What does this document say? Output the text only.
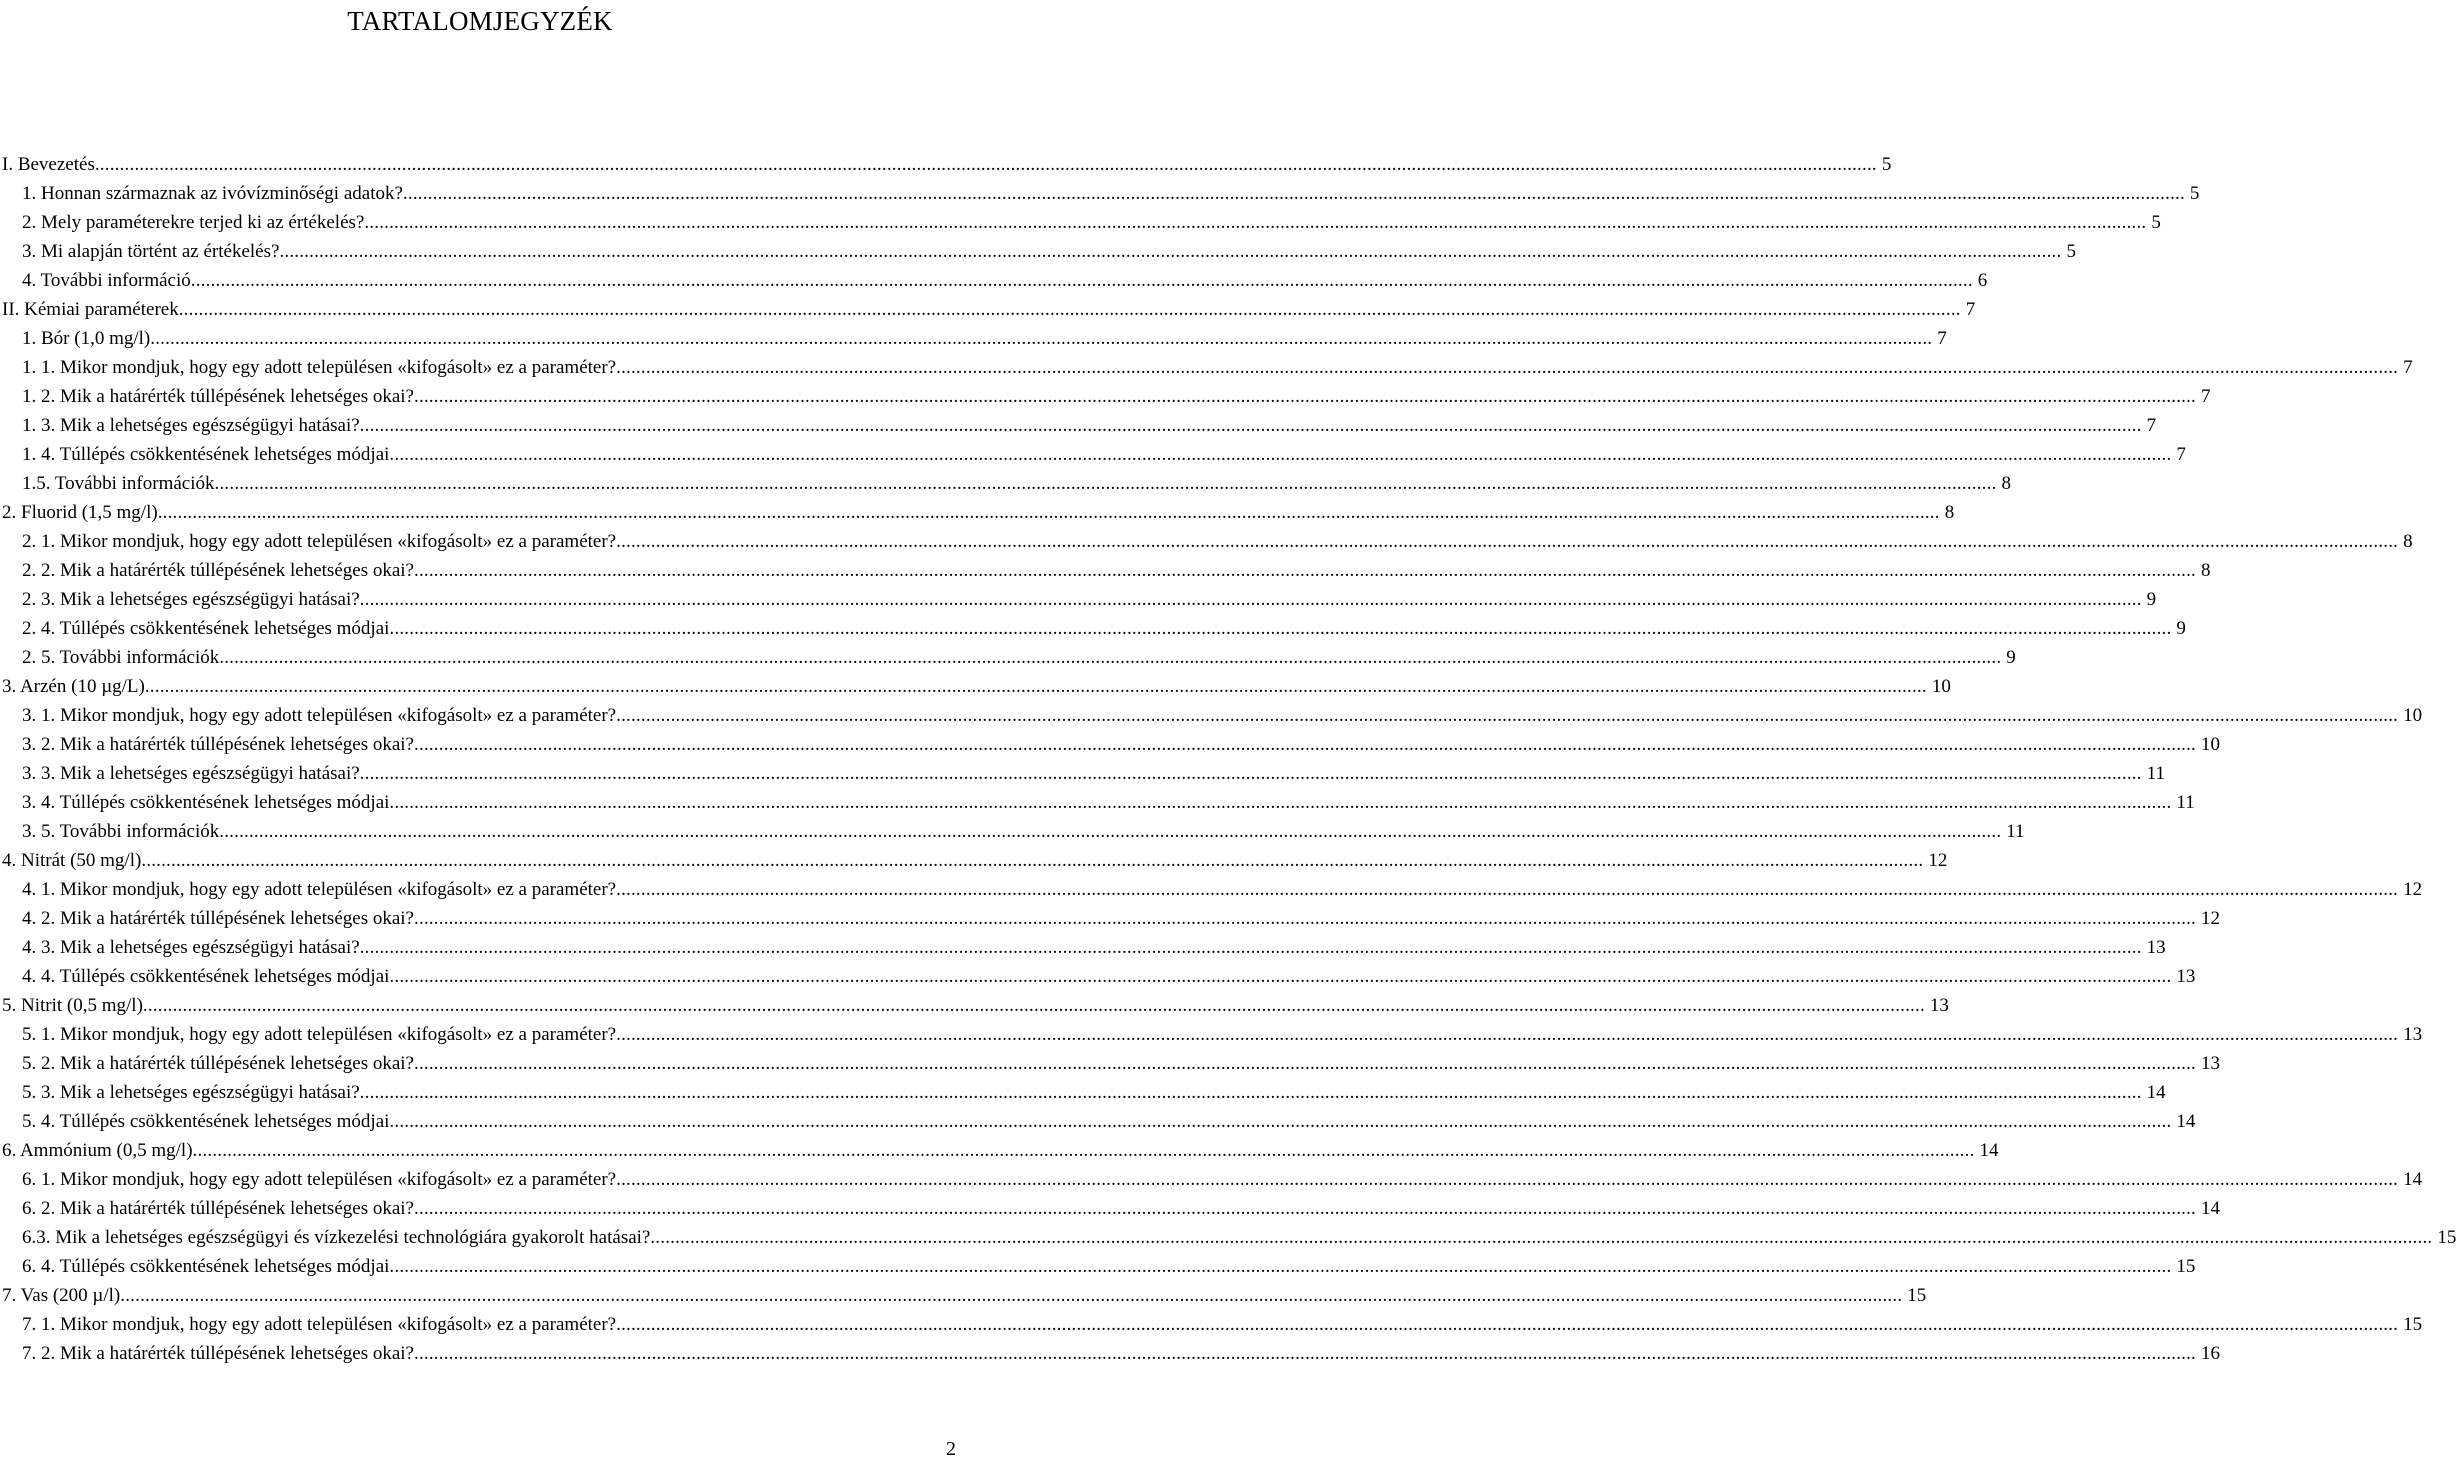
TARTALOMJEGYZÉK
I. Bevezetés .....	5
1. Honnan származnak az ivóvízminőségi adatok? .....	5
2. Mely paraméterekre terjed ki az értékelés? .....	5
3. Mi alapján történt az értékelés? .....	5
4. További információ .....	6
II. Kémiai paraméterek .....	7
1. Bór (1,0 mg/l) .....	7
1. 1. Mikor mondjuk, hogy egy adott településen «kifogásolt» ez a paraméter? .....	7
1. 2. Mik a határérték túllépésének lehetséges okai? .....	7
1. 3. Mik a lehetséges egészségügyi hatásai? .....	7
1. 4. Túllépés csökkentésének lehetséges módjai .....	7
1.5. További információk .....	8
2. Fluorid (1,5 mg/l) .....	8
2. 1. Mikor mondjuk, hogy egy adott településen «kifogásolt» ez a paraméter? .....	8
2. 2. Mik a határérték túllépésének lehetséges okai? .....	8
2. 3. Mik a lehetséges egészségügyi hatásai? .....	9
2. 4. Túllépés csökkentésének lehetséges módjai .....	9
2. 5. További információk .....	9
3. Arzén (10 µg/L) .....	10
3. 1. Mikor mondjuk, hogy egy adott településen «kifogásolt» ez a paraméter? .....	10
3. 2. Mik a határérték túllépésének lehetséges okai? .....	10
3. 3. Mik a lehetséges egészségügyi hatásai? .....	11
3. 4. Túllépés csökkentésének lehetséges módjai .....	11
3. 5. További információk .....	11
4. Nitrát (50 mg/l) .....	12
4. 1. Mikor mondjuk, hogy egy adott településen «kifogásolt» ez a paraméter? .....	12
4. 2. Mik a határérték túllépésének lehetséges okai? .....	12
4. 3. Mik a lehetséges egészségügyi hatásai? .....	13
4. 4. Túllépés csökkentésének lehetséges módjai .....	13
5. Nitrit (0,5 mg/l) .....	13
5. 1. Mikor mondjuk, hogy egy adott településen «kifogásolt» ez a paraméter? .....	13
5. 2. Mik a határérték túllépésének lehetséges okai? .....	13
5. 3. Mik a lehetséges egészségügyi hatásai? .....	14
5. 4. Túllépés csökkentésének lehetséges módjai .....	14
6. Ammónium (0,5 mg/l) .....	14
6. 1. Mikor mondjuk, hogy egy adott településen «kifogásolt» ez a paraméter? .....	14
6. 2. Mik a határérték túllépésének lehetséges okai? .....	14
6.3. Mik a lehetséges egészségügyi és vízkezelési technológiára gyakorolt hatásai? .....	15
6. 4. Túllépés csökkentésének lehetséges módjai .....	15
7. Vas (200 µ/l) .....	15
7. 1. Mikor mondjuk, hogy egy adott településen «kifogásolt» ez a paraméter? .....	15
7. 2. Mik a határérték túllépésének lehetséges okai? .....	16
2
